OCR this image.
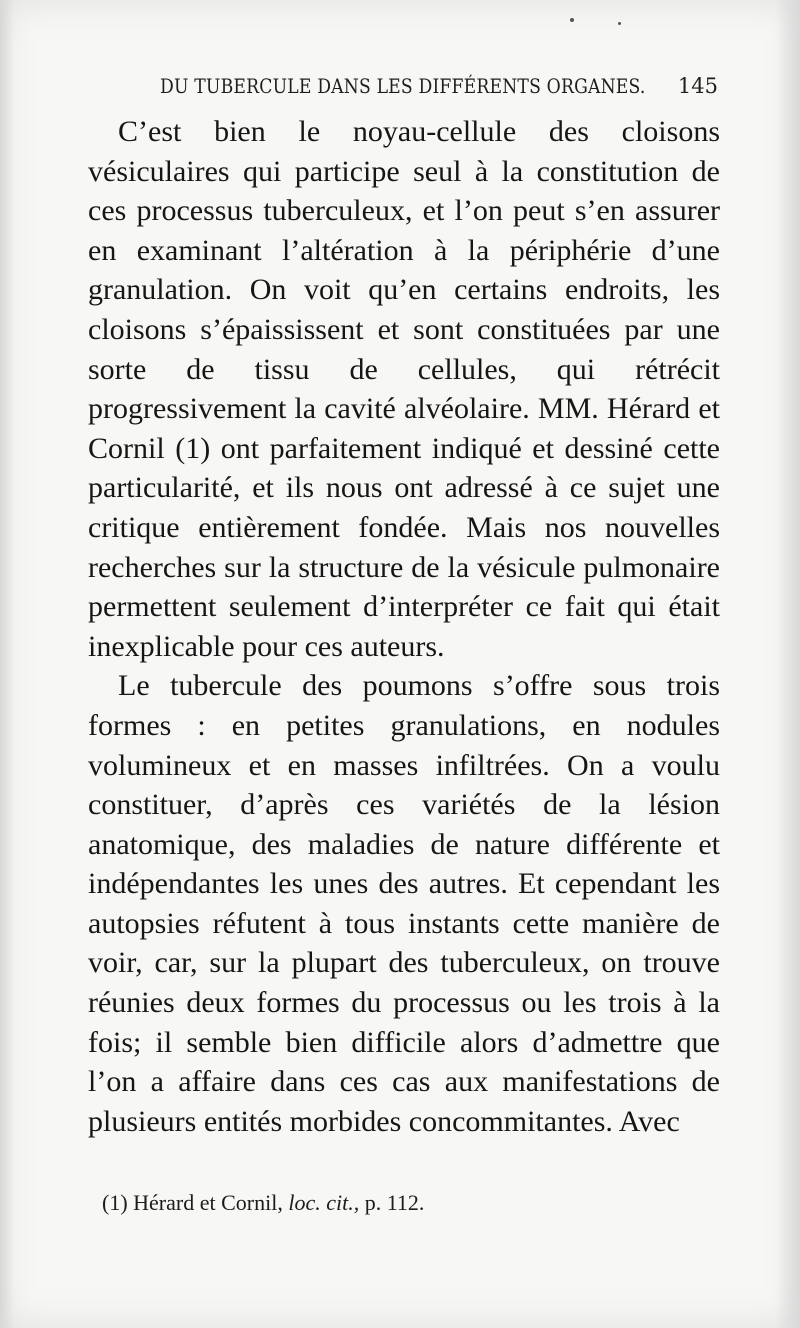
DU TUBERCULE DANS LES DIFFÉRENTS ORGANES. 145

C’est bien le noyau-cellule des cloisons vésiculaires qui participe seul à la constitution de ces processus tuberculeux, et l’on peut s’en assurer en examinant l’altération à la périphérie d’une granulation. On voit qu’en certains endroits, les cloisons s’épaississent et sont constituées par une sorte de tissu de cellules, qui rétrécit progressivement la cavité alvéolaire. MM. Hérard et Cornil (1) ont parfaitement indiqué et dessiné cette particularité, et ils nous ont adressé à ce sujet une critique entièrement fondée. Mais nos nouvelles recherches sur la structure de la vésicule pulmonaire permettent seulement d’interpréter ce fait qui était inexplicable pour ces auteurs.

Le tubercule des poumons s’offre sous trois formes : en petites granulations, en nodules volumineux et en masses infiltrées. On a voulu constituer, d’après ces variétés de la lésion anatomique, des maladies de nature différente et indépendantes les unes des autres. Et cependant les autopsies réfutent à tous instants cette manière de voir, car, sur la plupart des tuberculeux, on trouve réunies deux formes du processus ou les trois à la fois; il semble bien difficile alors d’admettre que l’on a affaire dans ces cas aux manifestations de plusieurs entités morbides concommitantes. Avec

(1) Hérard et Cornil, loc. cit., p. 112.
